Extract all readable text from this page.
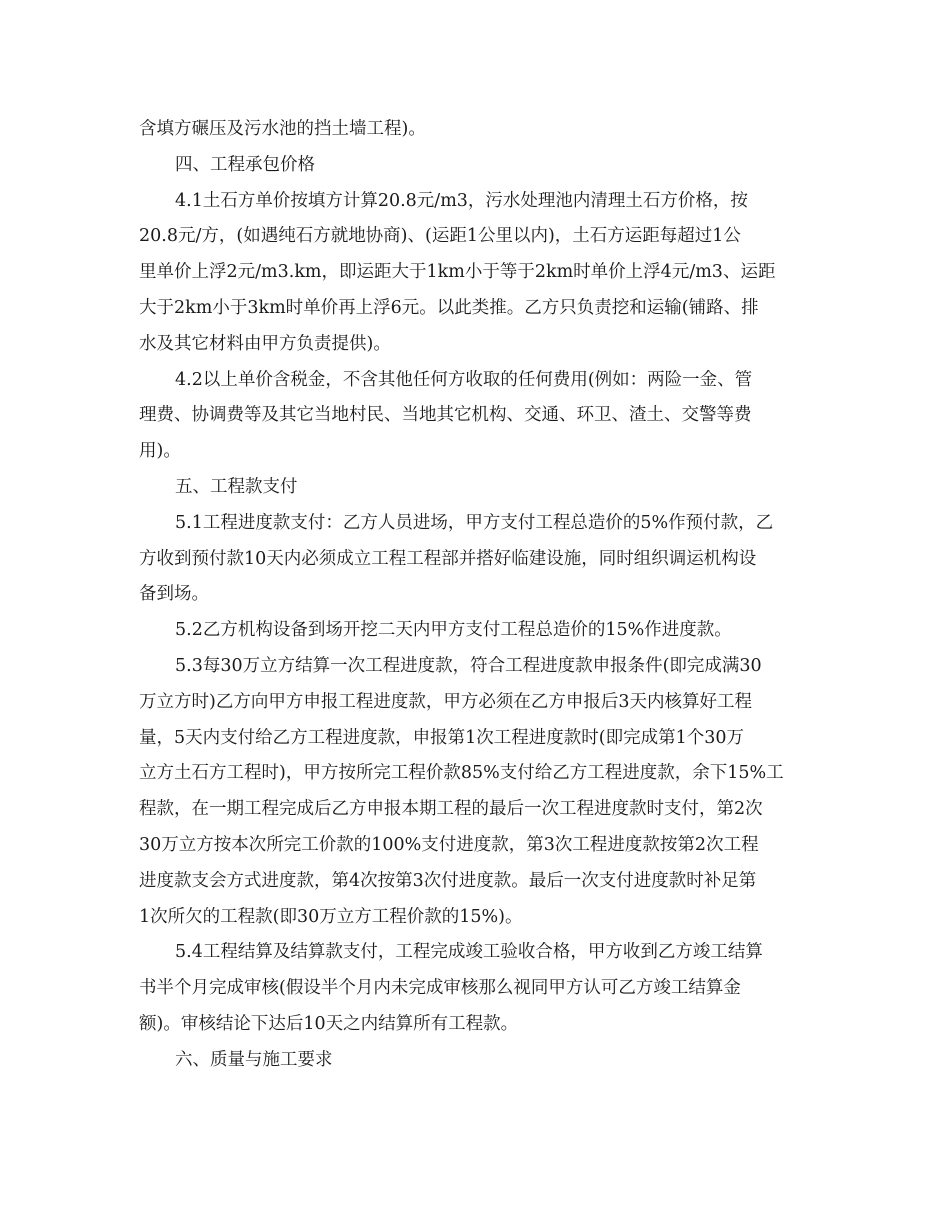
含填方碾压及污水池的挡土墙工程)。
四、工程承包价格
4.1土石方单价按填方计算20.8元/m3，污水处理池内清理土石方价格，按
20.8元/方，(如遇纯石方就地协商)、(运距1公里以内)，土石方运距每超过1公
里单价上浮2元/m3.km，即运距大于1km小于等于2km时单价上浮4元/m3、运距
大于2km小于3km时单价再上浮6元。以此类推。乙方只负责挖和运输(铺路、排
水及其它材料由甲方负责提供)。
4.2以上单价含税金，不含其他任何方收取的任何费用(例如：两险一金、管
理费、协调费等及其它当地村民、当地其它机构、交通、环卫、渣土、交警等费
用)。
五、工程款支付
5.1工程进度款支付：乙方人员进场，甲方支付工程总造价的5%作预付款，乙
方收到预付款10天内必须成立工程工程部并搭好临建设施，同时组织调运机构设
备到场。
5.2乙方机构设备到场开挖二天内甲方支付工程总造价的15%作进度款。
5.3每30万立方结算一次工程进度款，符合工程进度款申报条件(即完成满30
万立方时)乙方向甲方申报工程进度款，甲方必须在乙方申报后3天内核算好工程
量，5天内支付给乙方工程进度款，申报第1次工程进度款时(即完成第1个30万
立方土石方工程时)，甲方按所完工程价款85%支付给乙方工程进度款，余下15%工
程款，在一期工程完成后乙方申报本期工程的最后一次工程进度款时支付，第2次
30万立方按本次所完工价款的100%支付进度款，第3次工程进度款按第2次工程
进度款支会方式进度款，第4次按第3次付进度款。最后一次支付进度款时补足第
1次所欠的工程款(即30万立方工程价款的15%)。
5.4工程结算及结算款支付，工程完成竣工验收合格，甲方收到乙方竣工结算
书半个月完成审核(假设半个月内未完成审核那么视同甲方认可乙方竣工结算金
额)。审核结论下达后10天之内结算所有工程款。
六、质量与施工要求
